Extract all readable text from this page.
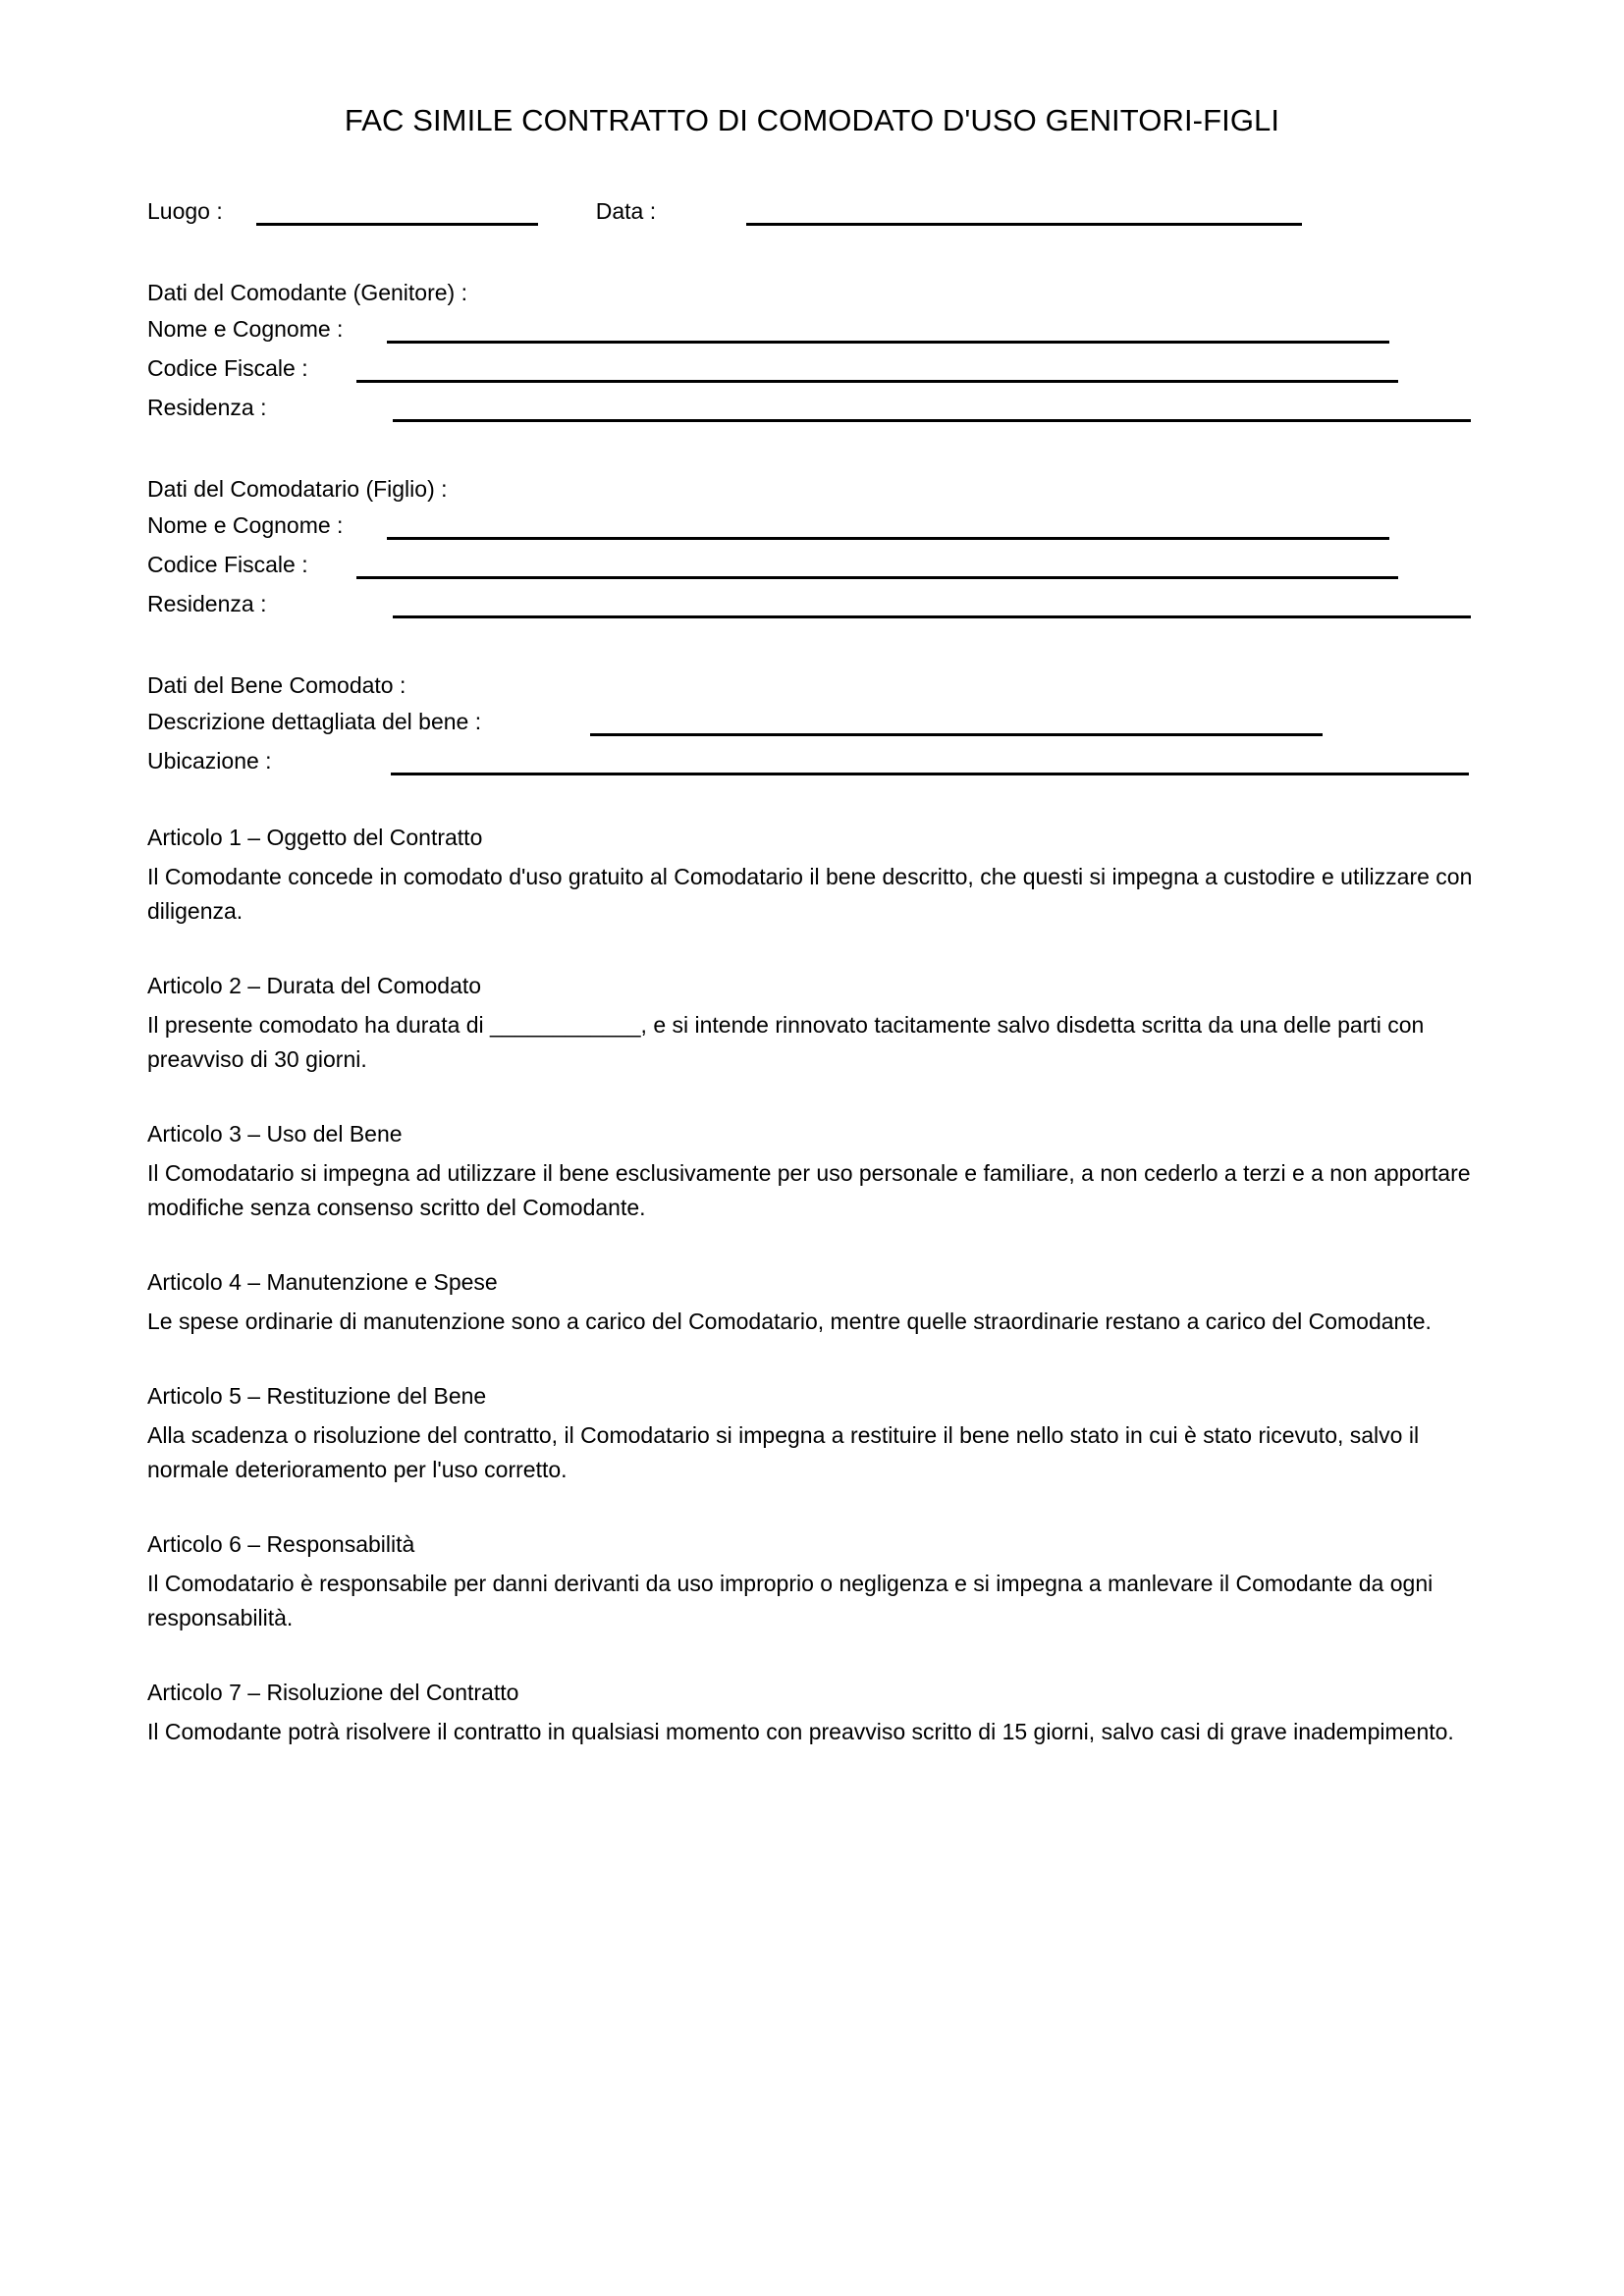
FAC SIMILE CONTRATTO DI COMODATO D'USO GENITORI-FIGLI
Luogo :	Data :

Dati del Comodante (Genitore) :

Nome e Cognome :
Codice Fiscale :
Residenza :

Dati del Comodatario (Figlio) :

Nome e Cognome :
Codice Fiscale :
Residenza :

Dati del Bene Comodato :

Descrizione dettagliata del bene :
Ubicazione :

Articolo 1 – Oggetto del Contratto

Il Comodante concede in comodato d'uso gratuito al Comodatario il bene descritto, che questi si impegna a custodire e utilizzare con diligenza.

Articolo 2 – Durata del Comodato

Il presente comodato ha durata di ____________, e si intende rinnovato tacitamente salvo disdetta scritta da una delle parti con preavviso di 30 giorni.

Articolo 3 – Uso del Bene

Il Comodatario si impegna ad utilizzare il bene esclusivamente per uso personale e familiare, a non cederlo a terzi e a non apportare modifiche senza consenso scritto del Comodante.

Articolo 4 – Manutenzione e Spese

Le spese ordinarie di manutenzione sono a carico del Comodatario, mentre quelle straordinarie restano a carico del Comodante.

Articolo 5 – Restituzione del Bene

Alla scadenza o risoluzione del contratto, il Comodatario si impegna a restituire il bene nello stato in cui è stato ricevuto, salvo il normale deterioramento per l'uso corretto.

Articolo 6 – Responsabilità

Il Comodatario è responsabile per danni derivanti da uso improprio o negligenza e si impegna a manlevare il Comodante da ogni responsabilità.

Articolo 7 – Risoluzione del Contratto

Il Comodante potrà risolvere il contratto in qualsiasi momento con preavviso scritto di 15 giorni, salvo casi di grave inadempimento.
